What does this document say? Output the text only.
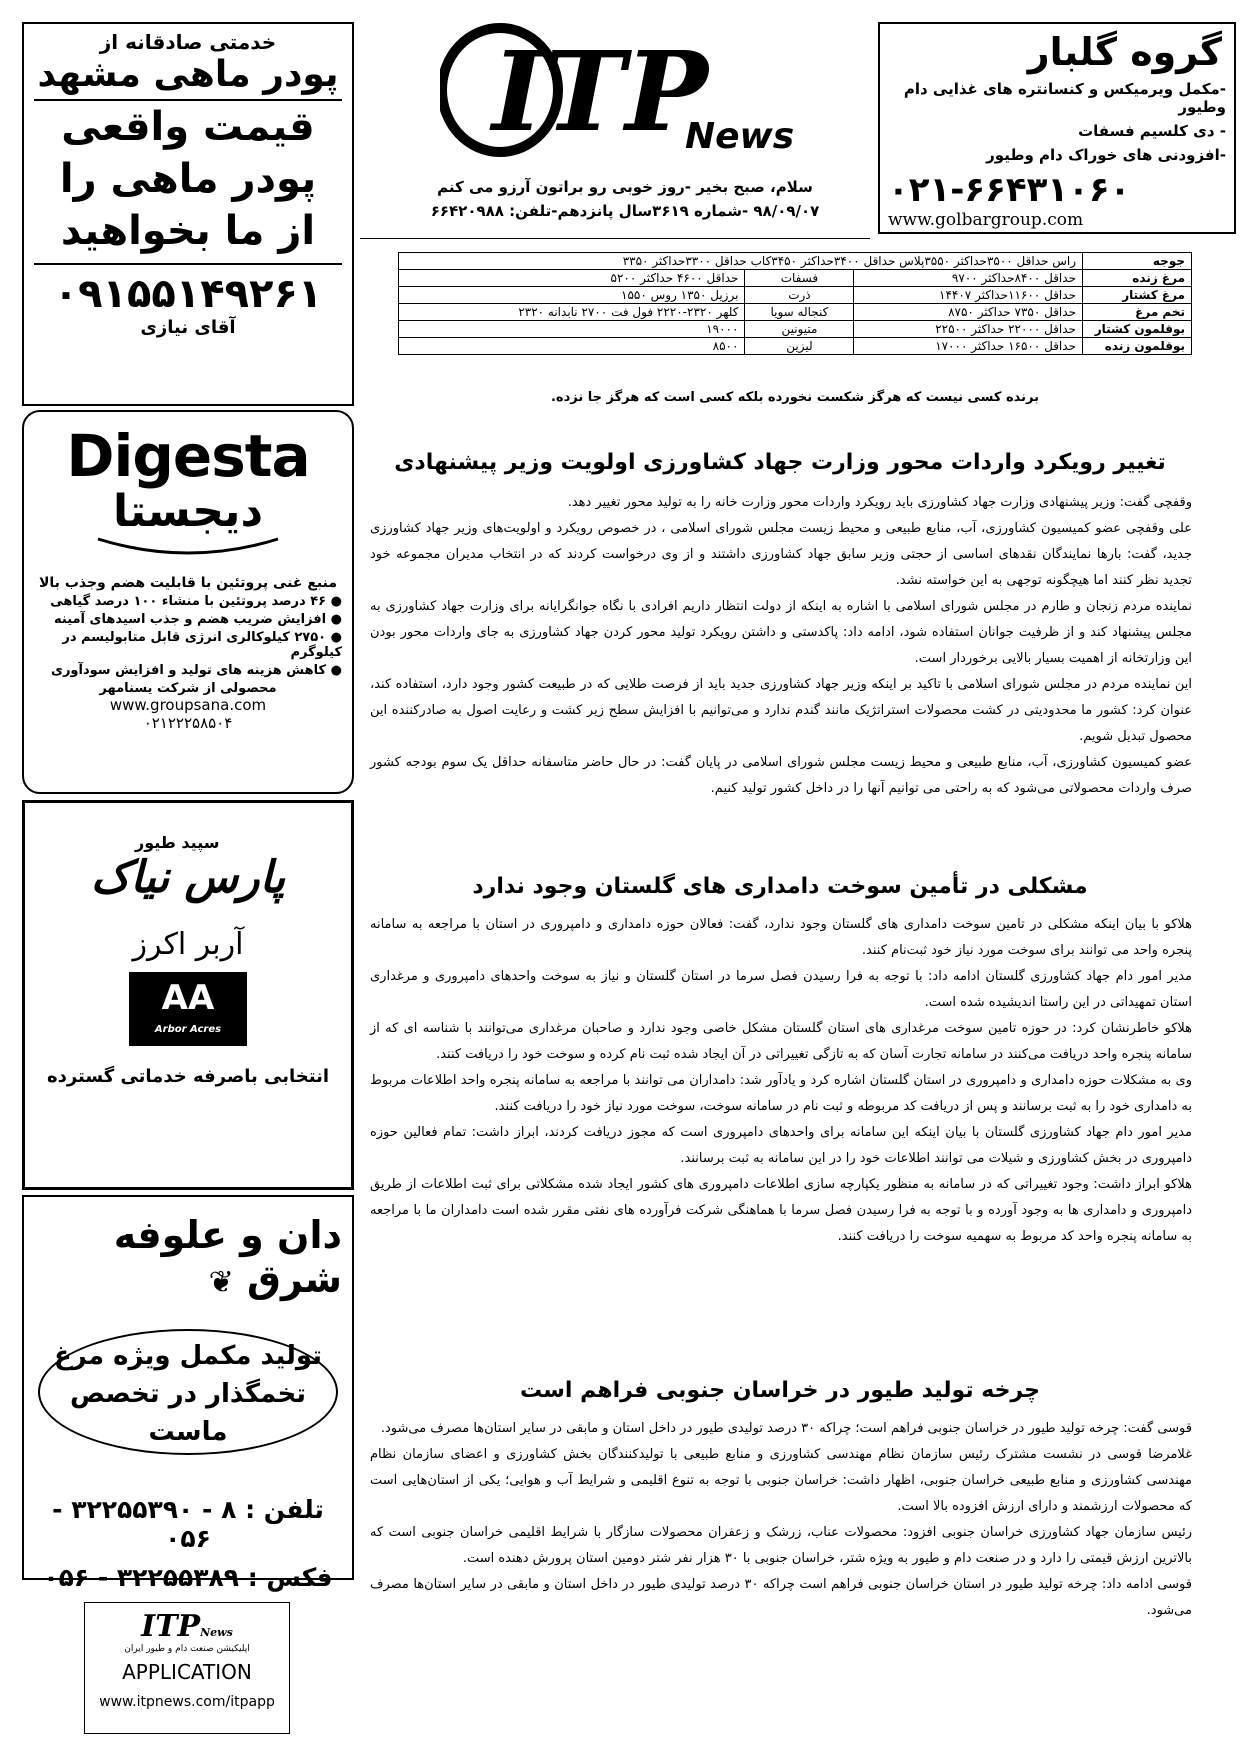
ITP
News
سلام، صبح بخیر -روز خوبی رو براتون آرزو می کنم
۹۸/۰۹/۰۷ -شماره ۳۶۱۹سال پانزدهم-تلفن: ۶۶۴۲۰۹۸۸
گروه گلبار
-مکمل ویرمیکس و کنسانتره های غذایی دام وطیور
- دی کلسیم فسفات
-افزودنی های خوراک دام وطیور
۰۲۱-۶۶۴۳۱۰۶۰
www.golbargroup.com
جوجه	راس حداقل ۳۵۰۰حداکثر ۳۵۵۰پلاس حداقل ۳۴۰۰حداکثر ۳۴۵۰کاب حداقل ۳۳۰۰حداکثر ۳۳۵۰		
مرغ زنده	حداقل ۸۴۰۰حداکثر ۹۷۰۰	فسفات	حداقل ۴۶۰۰ حداکثر ۵۲۰۰
مرغ کشتار	حداقل ۱۱۶۰۰حداکثر ۱۴۴۰۷	ذرت	برزیل ۱۳۵۰ روس ۱۵۵۰
تخم مرغ	حداقل ۷۳۵۰ حداکثر ۸۷۵۰	کنجاله سویا	کلهر ۲۳۲۰-۲۲۲۰ فول فت ۲۷۰۰ نابدانه ۲۳۲۰
بوقلمون کشتار	حداقل ۲۲۰۰۰ حداکثر ۲۲۵۰۰	متیونین	۱۹۰۰۰
بوقلمون زنده	حداقل ۱۶۵۰۰ حداکثر ۱۷۰۰۰	لیزین	۸۵۰۰
برنده کسی نیست که هرگز شکست نخورده بلکه کسی است که هرگز جا نزده.
خدمتی صادقانه از
پودر ماهی مشهد
قیمت واقعی
پودر ماهی را
از ما بخواهید
۰۹۱۵۵۱۴۹۲۶۱
آقای نیازی
Digesta
دیجستا
منبع غنی پروتئین با قابلیت هضم وجذب بالا
● ۴۶ درصد پروتئین با منشاء ۱۰۰ درصد گیاهی
● افزایش ضریب هضم و جذب اسیدهای آمینه
● ۲۷۵۰ کیلوکالری انرژی قابل متابولیسم در کیلوگرم
● کاهش هزینه های تولید و افزایش سودآوری
محصولی از شرکت یسنامهر
www.groupsana.com
۰۲۱۲۲۲۵۸۵۰۴
سپید طیور
پارس نیاک
آربر اکرز
AA
Arbor Acres
انتخابی باصرفه خدماتی گسترده
دان و علوفه شرق ❦
تولید مکمل ویژه مرغ
تخمگذار در تخصص
ماست
تلفن : ۸ - ۳۲۲۵۵۳۹۰ - ۰۵۶
فکس : ۳۲۲۵۵۳۸۹ - ۰۵۶
ITPNews
اپلیکیشن صنعت دام و طیور ایران
APPLICATION
www.itpnews.com/itpapp
تغییر رویکرد واردات محور وزارت جهاد کشاورزی اولویت وزیر پیشنهادی

وقفچی گفت: وزیر پیشنهادی وزارت جهاد کشاورزی باید رویکرد واردات محور وزارت خانه را به تولید محور تغییر دهد.

علی وقفچی عضو کمیسیون کشاورزی، آب، منابع طبیعی و محیط زیست مجلس شورای اسلامی ، در خصوص رویکرد و اولویت‌های وزیر جهاد کشاورزی جدید، گفت: بارها نمایندگان نقدهای اساسی از حجتی وزیر سابق جهاد کشاورزی داشتند و از وی درخواست کردند که در انتخاب مدیران مجموعه خود تجدید نظر کنند اما هیچگونه توجهی به این خواسته نشد.

نماینده مردم زنجان و طارم در مجلس شورای اسلامی با اشاره به اینکه از دولت انتظار داریم افرادی با نگاه جوانگرایانه برای وزارت جهاد کشاورزی به مجلس پیشنهاد کند و از ظرفیت جوانان استفاده شود، ادامه داد: پاکدستی و داشتن رویکرد تولید محور کردن جهاد کشاورزی به جای واردات محور بودن این وزارتخانه از اهمیت بسیار بالایی برخوردار است.

این نماینده مردم در مجلس شورای اسلامی با تاکید بر اینکه وزیر جهاد کشاورزی جدید باید از فرصت طلایی که در طبیعت کشور وجود دارد، استفاده کند، عنوان کرد: کشور ما محدودیتی در کشت محصولات استراتژیک مانند گندم ندارد و می‌توانیم با افزایش سطح زیر کشت و رعایت اصول به صادرکننده این محصول تبدیل شویم.

عضو کمیسیون کشاورزی، آب، منابع طبیعی و محیط زیست مجلس شورای اسلامی در پایان گفت: در حال حاضر متاسفانه حداقل یک سوم بودجه کشور صرف واردات محصولاتی می‌شود که به راحتی می توانیم آنها را در داخل کشور تولید کنیم.

مشکلی در تأمین سوخت دامداری های گلستان وجود ندارد

هلاکو با بیان اینکه مشکلی در تامین سوخت دامداری های گلستان وجود ندارد، گفت: فعالان حوزه دامداری و دامپروری در استان با مراجعه به سامانه پنجره واحد می توانند برای سوخت مورد نیاز خود ثبت‌نام کنند.

مدیر امور دام جهاد کشاورزی گلستان ادامه داد: با توجه به فرا رسیدن فصل سرما در استان گلستان و نیاز به سوخت واحدهای دامپروری و مرغداری استان تمهیداتی در این راستا اندیشیده شده است.

هلاکو خاطرنشان کرد: در حوزه تامین سوخت مرغداری های استان گلستان مشکل خاصی وجود ندارد و صاحبان مرغداری می‌توانند با شناسه ای که از سامانه پنجره واحد دریافت می‌کنند در سامانه تجارت آسان که به تازگی تغییراتی در آن ایجاد شده ثبت نام کرده و سوخت خود را دریافت کنند.

وی به مشکلات حوزه دامداری و دامپروری در استان گلستان اشاره کرد و یادآور شد: دامداران می توانند با مراجعه به سامانه پنجره واحد اطلاعات مربوط به دامداری خود را به ثبت برسانند و پس از دریافت کد مربوطه و ثبت نام در سامانه سوخت، سوخت مورد نیاز خود را دریافت کنند.

مدیر امور دام جهاد کشاورزی گلستان با بیان اینکه این سامانه برای واحدهای دامپروری است که مجوز دریافت کردند، ابراز داشت: تمام فعالین حوزه دامپروری در بخش کشاورزی و شیلات می توانند اطلاعات خود را در این سامانه به ثبت برسانند.

هلاکو ابراز داشت: وجود تغییراتی که در سامانه به منظور یکپارچه سازی اطلاعات دامپروری های کشور ایجاد شده مشکلاتی برای ثبت اطلاعات از طریق دامپروری و دامداری ها به وجود آورده و با توجه به فرا رسیدن فصل سرما با هماهنگی شرکت فرآورده های نفتی مقرر شده است دامداران ما با مراجعه به سامانه پنجره واحد کد مربوط به سهمیه سوخت را دریافت کنند.

چرخه تولید طیور در خراسان جنوبی فراهم است

قوسی گفت: چرخه تولید طیور در خراسان جنوبی فراهم است؛ چراکه ۳۰ درصد تولیدی طیور در داخل استان و مابقی در سایر استان‌ها مصرف می‌شود.

غلامرضا قوسی در نشست مشترک رئیس سازمان نظام مهندسی کشاورزی و منابع طبیعی با تولیدکنندگان بخش کشاورزی و اعضای سازمان نظام مهندسی کشاورزی و منابع طبیعی خراسان جنوبی، اظهار داشت: خراسان جنوبی با توجه به تنوع اقلیمی و شرایط آب و هوایی؛ یکی از استان‌هایی است که محصولات ارزشمند و دارای ارزش افزوده بالا است.

رئیس سازمان جهاد کشاورزی خراسان جنوبی افزود: محصولات عناب، زرشک و زعفران محصولات سازگار با شرایط اقلیمی خراسان جنوبی است که بالاترین ارزش قیمتی را دارد و در صنعت دام و طیور به ویژه شتر، خراسان جنوبی با ۳۰ هزار نفر شتر دومین استان پرورش دهنده است.

قوسی ادامه داد: چرخه تولید طیور در استان خراسان جنوبی فراهم است چراکه ۳۰ درصد تولیدی طیور در داخل استان و مابقی در سایر استان‌ها مصرف می‌شود.
